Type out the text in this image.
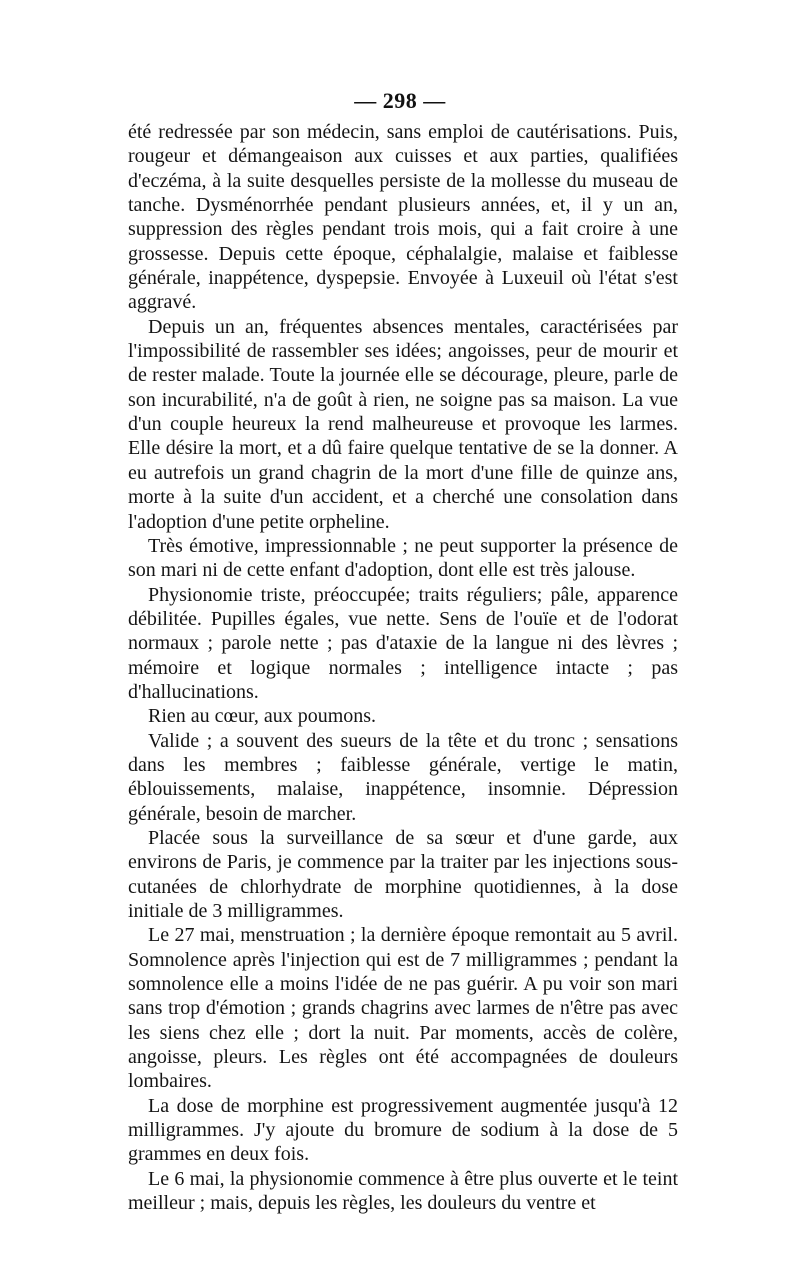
— 298 —

été redressée par son médecin, sans emploi de cautérisations. Puis, rougeur et démangeaison aux cuisses et aux parties, qualifiées d'eczéma, à la suite desquelles persiste de la mollesse du museau de tanche. Dysménorrhée pendant plusieurs années, et, il y un an, suppression des règles pendant trois mois, qui a fait croire à une grossesse. Depuis cette époque, céphalalgie, malaise et faiblesse générale, inappétence, dyspepsie. Envoyée à Luxeuil où l'état s'est aggravé.

Depuis un an, fréquentes absences mentales, caractérisées par l'impossibilité de rassembler ses idées; angoisses, peur de mourir et de rester malade. Toute la journée elle se décourage, pleure, parle de son incurabilité, n'a de goût à rien, ne soigne pas sa maison. La vue d'un couple heureux la rend malheureuse et provoque les larmes. Elle désire la mort, et a dû faire quelque tentative de se la donner. A eu autrefois un grand chagrin de la mort d'une fille de quinze ans, morte à la suite d'un accident, et a cherché une consolation dans l'adoption d'une petite orpheline.

Très émotive, impressionnable ; ne peut supporter la présence de son mari ni de cette enfant d'adoption, dont elle est très jalouse.

Physionomie triste, préoccupée; traits réguliers; pâle, apparence débilitée. Pupilles égales, vue nette. Sens de l'ouïe et de l'odorat normaux ; parole nette ; pas d'ataxie de la langue ni des lèvres ; mémoire et logique normales ; intelligence intacte ; pas d'hallucinations.

Rien au cœur, aux poumons.

Valide ; a souvent des sueurs de la tête et du tronc ; sensations dans les membres ; faiblesse générale, vertige le matin, éblouissements, malaise, inappétence, insomnie. Dépression générale, besoin de marcher.

Placée sous la surveillance de sa sœur et d'une garde, aux environs de Paris, je commence par la traiter par les injections sous-cutanées de chlorhydrate de morphine quotidiennes, à la dose initiale de 3 milligrammes.

Le 27 mai, menstruation ; la dernière époque remontait au 5 avril. Somnolence après l'injection qui est de 7 milligrammes ; pendant la somnolence elle a moins l'idée de ne pas guérir. A pu voir son mari sans trop d'émotion ; grands chagrins avec larmes de n'être pas avec les siens chez elle ; dort la nuit. Par moments, accès de colère, angoisse, pleurs. Les règles ont été accompagnées de douleurs lombaires.

La dose de morphine est progressivement augmentée jusqu'à 12 milligrammes. J'y ajoute du bromure de sodium à la dose de 5 grammes en deux fois.

Le 6 mai, la physionomie commence à être plus ouverte et le teint meilleur ; mais, depuis les règles, les douleurs du ventre et
